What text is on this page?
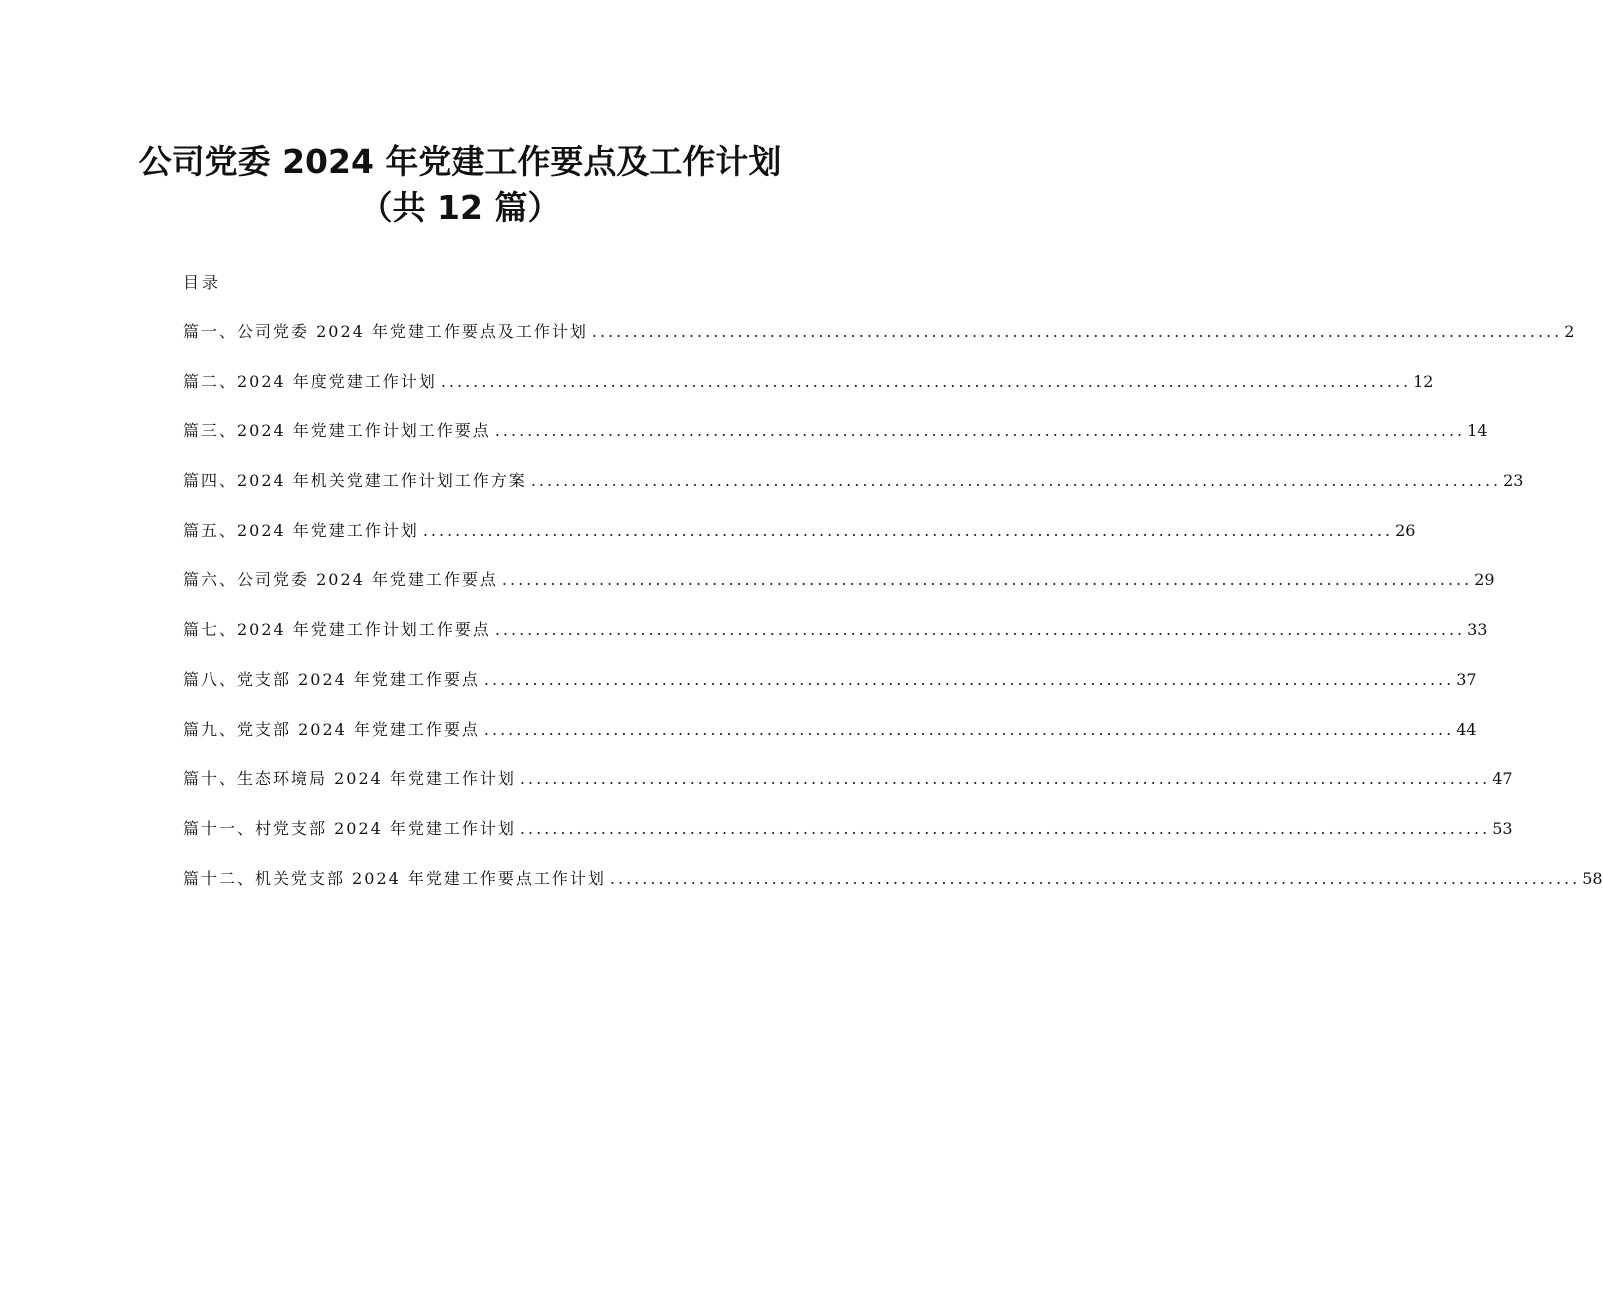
公司党委 2024 年党建工作要点及工作计划
（共 12 篇）
目录
篇一、公司党委 2024 年党建工作要点及工作计划 ........................................................................................................................ 2
篇二、2024 年度党建工作计划 ........................................................................................................................ 12
篇三、2024 年党建工作计划工作要点 ........................................................................................................................ 14
篇四、2024 年机关党建工作计划工作方案 ........................................................................................................................ 23
篇五、2024 年党建工作计划 ........................................................................................................................ 26
篇六、公司党委 2024 年党建工作要点 ........................................................................................................................ 29
篇七、2024 年党建工作计划工作要点 ........................................................................................................................ 33
篇八、党支部 2024 年党建工作要点 ........................................................................................................................ 37
篇九、党支部 2024 年党建工作要点 ........................................................................................................................ 44
篇十、生态环境局 2024 年党建工作计划 ........................................................................................................................ 47
篇十一、村党支部 2024 年党建工作计划 ........................................................................................................................ 53
篇十二、机关党支部 2024 年党建工作要点工作计划 ........................................................................................................................ 58
